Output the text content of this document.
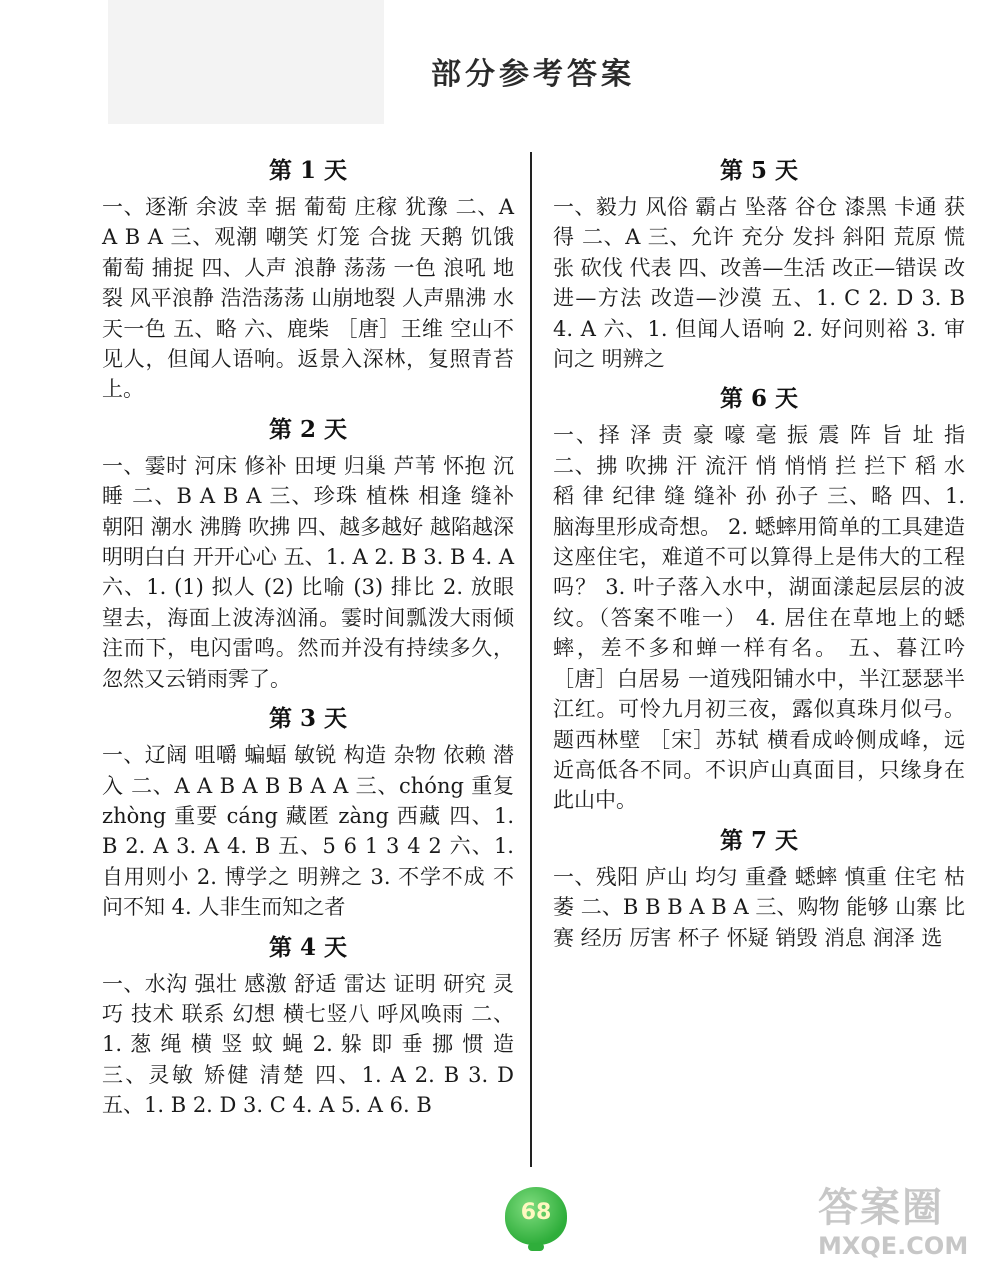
部分参考答案
第 1 天

一、逐渐 余波 幸 据 葡萄 庄稼 犹豫 二、A A B A 三、观潮 嘲笑 灯笼 合拢 天鹅 饥饿 葡萄 捕捉 四、人声 浪静 荡荡 一色 浪吼 地裂 风平浪静 浩浩荡荡 山崩地裂 人声鼎沸 水天一色 五、略 六、鹿柴 ［唐］王维 空山不见人，但闻人语响。返景入深林，复照青苔上。

第 2 天

一、霎时 河床 修补 田埂 归巢 芦苇 怀抱 沉睡 二、B A B A 三、珍珠 植株 相逢 缝补 朝阳 潮水 沸腾 吹拂 四、越多越好 越陷越深 明明白白 开开心心 五、1. A 2. B 3. B 4. A 六、1. (1) 拟人 (2) 比喻 (3) 排比 2. 放眼望去，海面上波涛汹涌。霎时间瓢泼大雨倾注而下，电闪雷鸣。然而并没有持续多久，忽然又云销雨霁了。

第 3 天

一、辽阔 咀嚼 蝙蝠 敏锐 构造 杂物 依赖 潜入 二、A A B A B B A A 三、chóng 重复 zhòng 重要 cáng 藏匿 zàng 西藏 四、1. B 2. A 3. A 4. B 五、5 6 1 3 4 2 六、1. 自用则小 2. 博学之 明辨之 3. 不学不成 不问不知 4. 人非生而知之者

第 4 天

一、水沟 强壮 感激 舒适 雷达 证明 研究 灵巧 技术 联系 幻想 横七竖八 呼风唤雨 二、1. 葱 绳 横 竖 蚊 蝇 2. 躲 即 垂 挪 惯 造 三、灵敏 矫健 清楚 四、1. A 2. B 3. D 五、1. B 2. D 3. C 4. A 5. A 6. B

第 5 天

一、毅力 风俗 霸占 坠落 谷仓 漆黑 卡通 获得 二、A 三、允许 充分 发抖 斜阳 荒原 慌张 砍伐 代表 四、改善—生活 改正—错误 改进—方法 改造—沙漠 五、1. C 2. D 3. B 4. A 六、1. 但闻人语响 2. 好问则裕 3. 审问之 明辨之

第 6 天

一、择 泽 责 豪 嚎 毫 振 震 阵 旨 址 指 二、拂 吹拂 汗 流汗 悄 悄悄 拦 拦下 稻 水稻 律 纪律 缝 缝补 孙 孙子 三、略 四、1. 脑海里形成奇想。 2. 蟋蟀用简单的工具建造这座住宅，难道不可以算得上是伟大的工程吗？ 3. 叶子落入水中，湖面漾起层层的波纹。（答案不唯一） 4. 居住在草地上的蟋蟀，差不多和蝉一样有名。 五、暮江吟 ［唐］白居易 一道残阳铺水中，半江瑟瑟半江红。可怜九月初三夜，露似真珠月似弓。 题西林壁 ［宋］苏轼 横看成岭侧成峰，远近高低各不同。不识庐山真面目，只缘身在此山中。

第 7 天

一、残阳 庐山 均匀 重叠 蟋蟀 慎重 住宅 枯萎 二、B B B A B A 三、购物 能够 山寨 比赛 经历 厉害 杯子 怀疑 销毁 消息 润泽 选

68	答案圈
MXQE.COM
